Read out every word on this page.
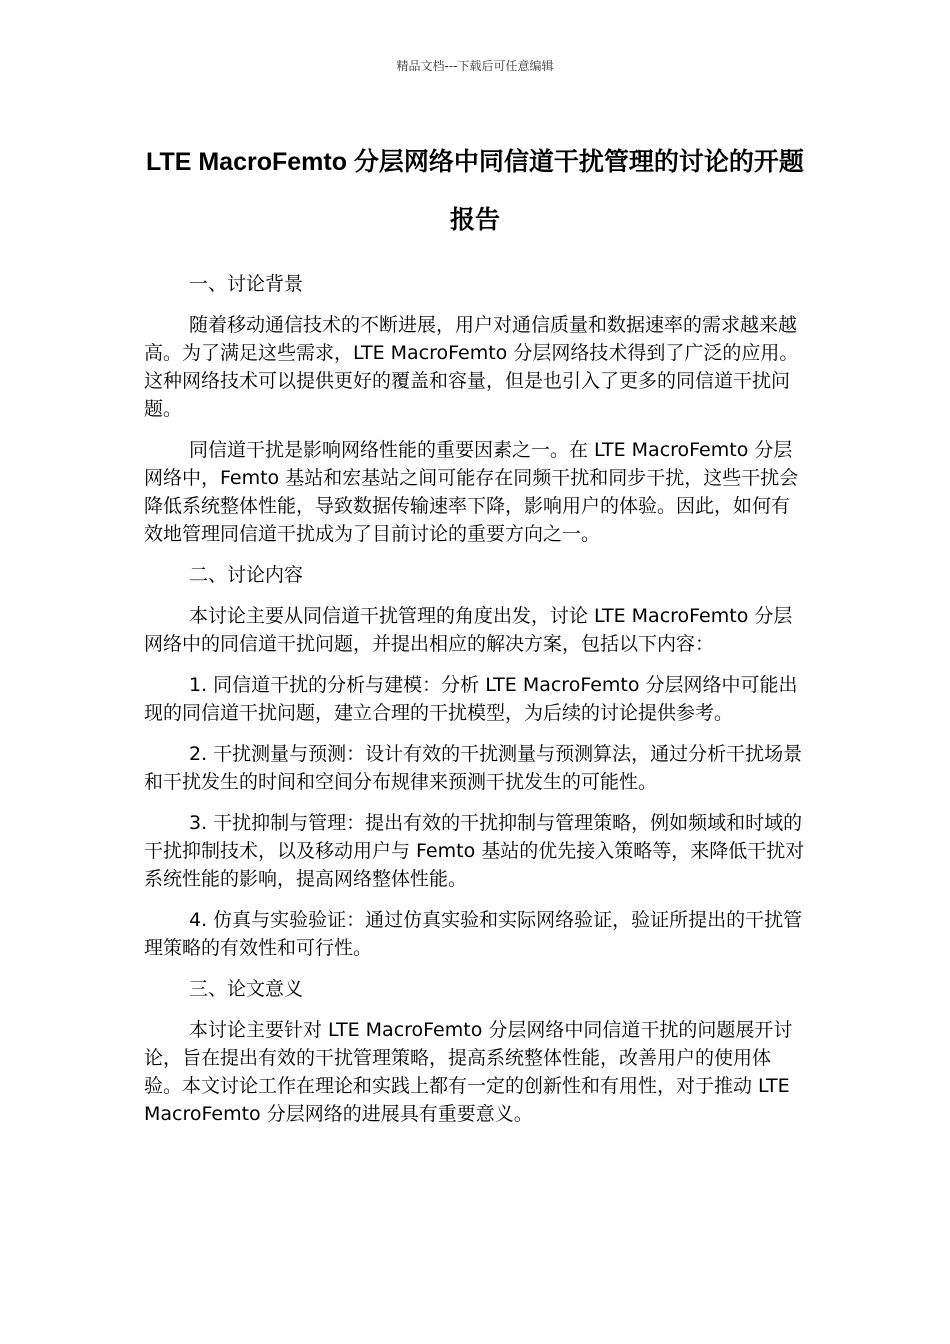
精品文档---下载后可任意编辑
LTE MacroFemto 分层网络中同信道干扰管理的讨论的开题报告

一、讨论背景

随着移动通信技术的不断进展，用户对通信质量和数据速率的需求越来越高。为了满足这些需求，LTE MacroFemto 分层网络技术得到了广泛的应用。这种网络技术可以提供更好的覆盖和容量，但是也引入了更多的同信道干扰问题。

同信道干扰是影响网络性能的重要因素之一。在 LTE MacroFemto 分层网络中，Femto 基站和宏基站之间可能存在同频干扰和同步干扰，这些干扰会降低系统整体性能，导致数据传输速率下降，影响用户的体验。因此，如何有效地管理同信道干扰成为了目前讨论的重要方向之一。

二、讨论内容

本讨论主要从同信道干扰管理的角度出发，讨论 LTE MacroFemto 分层网络中的同信道干扰问题，并提出相应的解决方案，包括以下内容：

1. 同信道干扰的分析与建模：分析 LTE MacroFemto 分层网络中可能出现的同信道干扰问题，建立合理的干扰模型，为后续的讨论提供参考。

2. 干扰测量与预测：设计有效的干扰测量与预测算法，通过分析干扰场景和干扰发生的时间和空间分布规律来预测干扰发生的可能性。

3. 干扰抑制与管理：提出有效的干扰抑制与管理策略，例如频域和时域的干扰抑制技术，以及移动用户与 Femto 基站的优先接入策略等，来降低干扰对系统性能的影响，提高网络整体性能。

4. 仿真与实验验证：通过仿真实验和实际网络验证，验证所提出的干扰管理策略的有效性和可行性。

三、论文意义

本讨论主要针对 LTE MacroFemto 分层网络中同信道干扰的问题展开讨论，旨在提出有效的干扰管理策略，提高系统整体性能，改善用户的使用体验。本文讨论工作在理论和实践上都有一定的创新性和有用性，对于推动 LTE MacroFemto 分层网络的进展具有重要意义。
